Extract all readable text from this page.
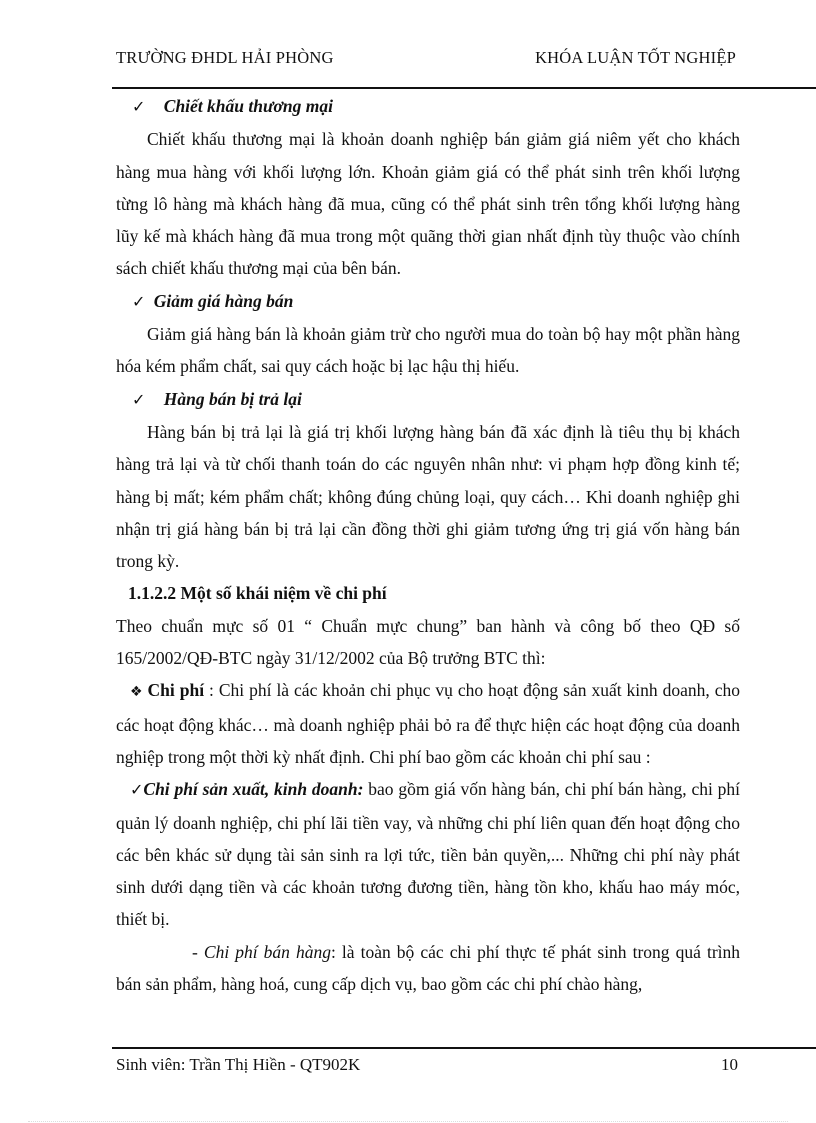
TRƯỜNG ĐHDL HẢI PHÒNG	KHÓA LUẬN TỐT NGHIỆP

✓ Chiết khấu thương mại

Chiết khấu thương mại là khoản doanh nghiệp bán giảm giá niêm yết cho khách hàng mua hàng với khối lượng lớn. Khoản giảm giá có thể phát sinh trên khối lượng từng lô hàng mà khách hàng đã mua, cũng có thể phát sinh trên tổng khối lượng hàng lũy kế mà khách hàng đã mua trong một quãng thời gian nhất định tùy thuộc vào chính sách chiết khấu thương mại của bên bán.

✓ Giảm giá hàng bán

Giảm giá hàng bán là khoản giảm trừ cho người mua do toàn bộ hay một phần hàng hóa kém phẩm chất, sai quy cách hoặc bị lạc hậu thị hiếu.

✓ Hàng bán bị trả lại

Hàng bán bị trả lại là giá trị khối lượng hàng bán đã xác định là tiêu thụ bị khách hàng trả lại và từ chối thanh toán do các nguyên nhân như: vi phạm hợp đồng kinh tế; hàng bị mất; kém phẩm chất; không đúng chủng loại, quy cách… Khi doanh nghiệp ghi nhận trị giá hàng bán bị trả lại cần đồng thời ghi giảm tương ứng trị giá vốn hàng bán trong kỳ.

1.1.2.2 Một số khái niệm về chi phí

Theo chuẩn mực số 01 “ Chuẩn mực chung” ban hành và công bố theo QĐ số 165/2002/QĐ-BTC ngày 31/12/2002 của Bộ trưởng BTC thì:

❖ Chi phí : Chi phí là các khoản chi phục vụ cho hoạt động sản xuất kinh doanh, cho các hoạt động khác… mà doanh nghiệp phải bỏ ra để thực hiện các hoạt động của doanh nghiệp trong một thời kỳ nhất định. Chi phí bao gồm các khoản chi phí sau :

✓Chi phí sản xuất, kinh doanh: bao gồm giá vốn hàng bán, chi phí bán hàng, chi phí quản lý doanh nghiệp, chi phí lãi tiền vay, và những chi phí liên quan đến hoạt động cho các bên khác sử dụng tài sản sinh ra lợi tức, tiền bản quyền,... Những chi phí này phát sinh dưới dạng tiền và các khoản tương đương tiền, hàng tồn kho, khấu hao máy móc, thiết bị.

- Chi phí bán hàng: là toàn bộ các chi phí thực tế phát sinh trong quá trình bán sản phẩm, hàng hoá, cung cấp dịch vụ, bao gồm các chi phí chào hàng,

Sinh viên: Trần Thị Hiền - QT902K	10
